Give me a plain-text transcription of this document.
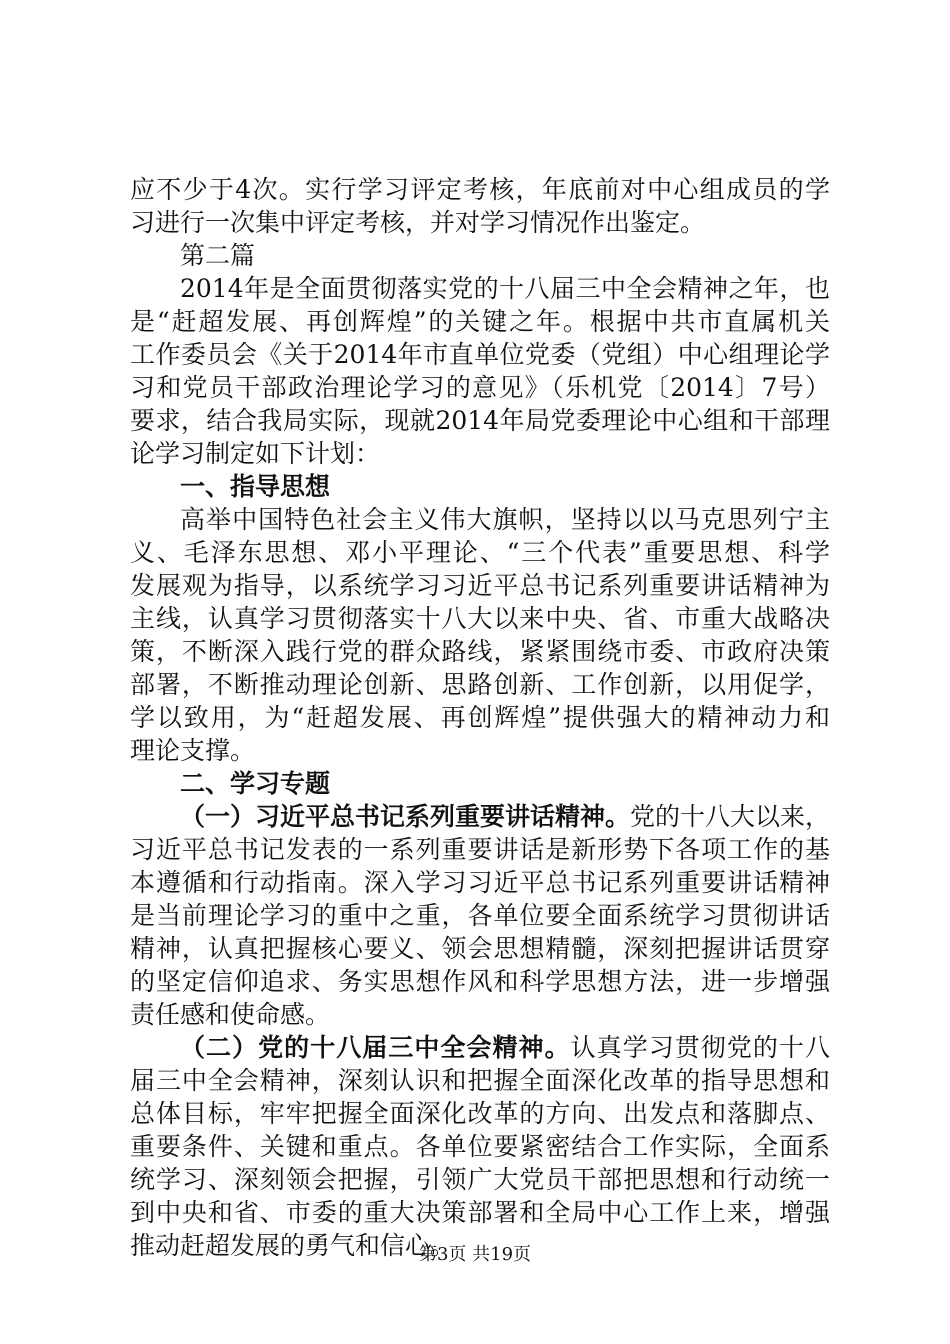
应不少于4次。实行学习评定考核，年底前对中心组成员的学
习进行一次集中评定考核，并对学习情况作出鉴定。
第二篇
2014年是全面贯彻落实党的十八届三中全会精神之年，也
是“赶超发展、再创辉煌”的关键之年。根据中共市直属机关
工作委员会《关于2014年市直单位党委（党组）中心组理论学
习和党员干部政治理论学习的意见》（乐机党〔2014〕7号）
要求，结合我局实际，现就2014年局党委理论中心组和干部理
论学习制定如下计划：
一、指导思想
高举中国特色社会主义伟大旗帜，坚持以以马克思列宁主
义、毛泽东思想、邓小平理论、“三个代表”重要思想、科学
发展观为指导，以系统学习习近平总书记系列重要讲话精神为
主线，认真学习贯彻落实十八大以来中央、省、市重大战略决
策，不断深入践行党的群众路线，紧紧围绕市委、市政府决策
部署，不断推动理论创新、思路创新、工作创新，以用促学，
学以致用，为“赶超发展、再创辉煌”提供强大的精神动力和
理论支撑。
二、学习专题
（一）习近平总书记系列重要讲话精神。党的十八大以来，
习近平总书记发表的一系列重要讲话是新形势下各项工作的基
本遵循和行动指南。深入学习习近平总书记系列重要讲话精神
是当前理论学习的重中之重，各单位要全面系统学习贯彻讲话
精神，认真把握核心要义、领会思想精髓，深刻把握讲话贯穿
的坚定信仰追求、务实思想作风和科学思想方法，进一步增强
责任感和使命感。
（二）党的十八届三中全会精神。认真学习贯彻党的十八
届三中全会精神，深刻认识和把握全面深化改革的指导思想和
总体目标，牢牢把握全面深化改革的方向、出发点和落脚点、
重要条件、关键和重点。各单位要紧密结合工作实际，全面系
统学习、深刻领会把握，引领广大党员干部把思想和行动统一
到中央和省、市委的重大决策部署和全局中心工作上来，增强
推动赶超发展的勇气和信心。
第3页 共19页
